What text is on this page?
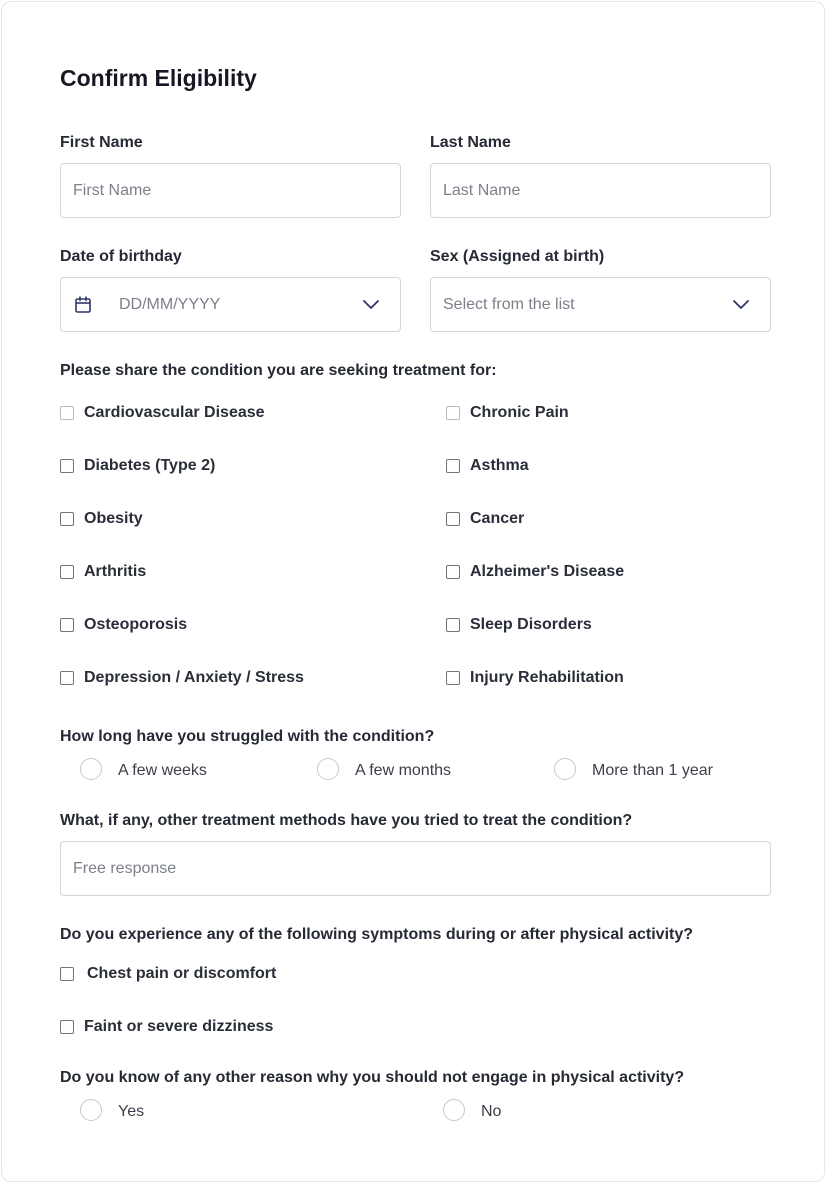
Confirm Eligibility
First Name	Last Name
First Name	Last Name
Date of birthday	Sex (Assigned at birth)
DD/MM/YYYY	Select from the list
Please share the condition you are seeking treatment for:
Cardiovascular Disease	Chronic Pain
Diabetes (Type 2)	Asthma
Obesity	Cancer
Arthritis	Alzheimer's Disease
Osteoporosis	Sleep Disorders
Depression / Anxiety / Stress	Injury Rehabilitation
How long have you struggled with the condition?
A few weeks	A few months	More than 1 year
What, if any, other treatment methods have you tried to treat the condition?
Free response
Do you experience any of the following symptoms during or after physical activity?
Chest pain or discomfort
Faint or severe dizziness
Do you know of any other reason why you should not engage in physical activity?
Yes	No
